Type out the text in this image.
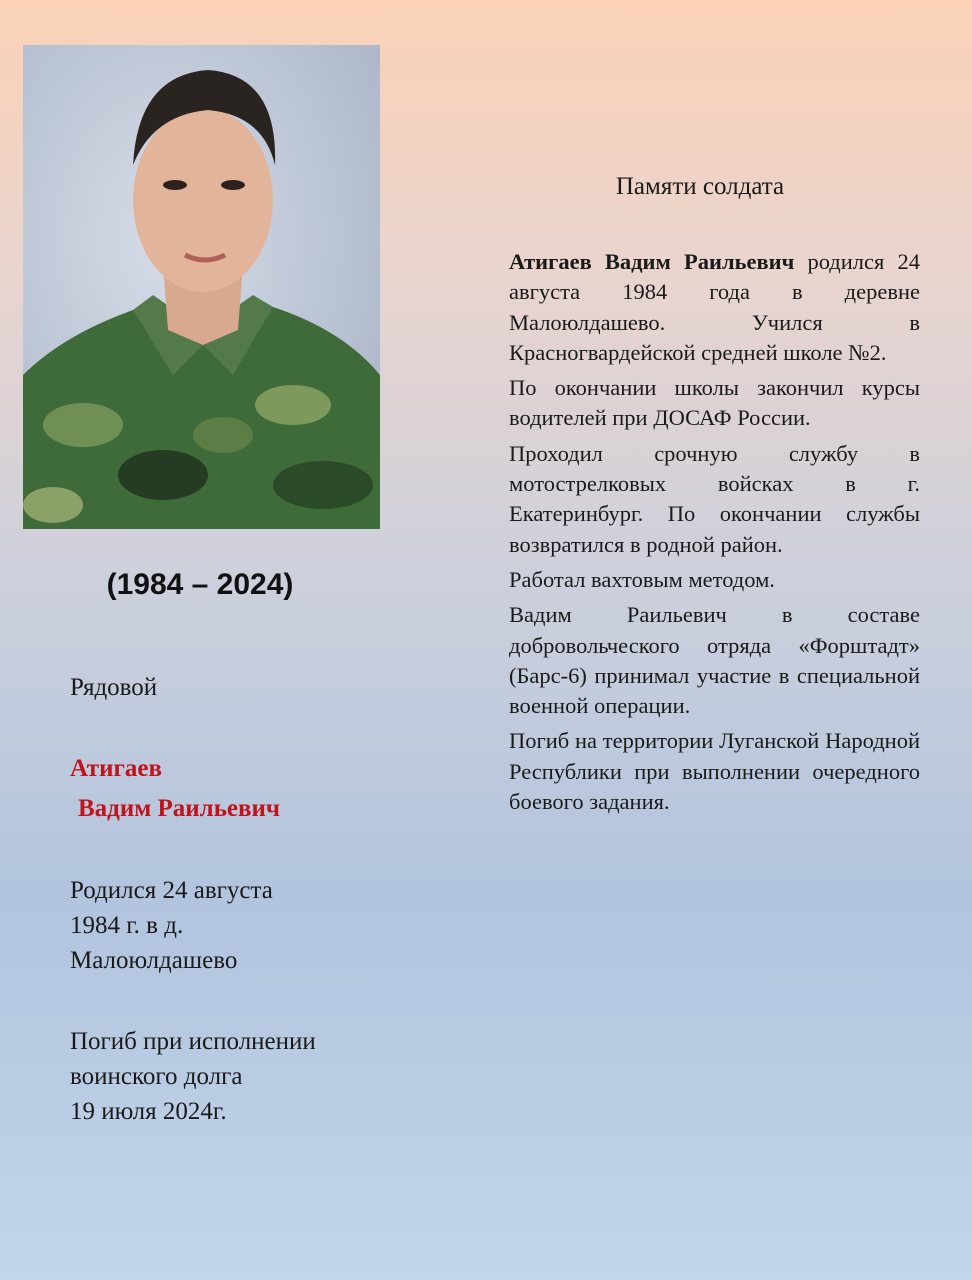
(1984 – 2024)
Рядовой
Атигаев
Вадим Раильевич
Родился 24 августа
1984 г. в д.
Малоюлдашево
Погиб при исполнении
воинского долга
19 июля 2024г.
Памяти солдата

Атигаев Вадим Раильевич родился 24 августа 1984 года в деревне Малоюлдашево. Учился в Красногвардейской средней школе №2.

По окончании школы закончил курсы водителей при ДОСАФ России.

Проходил срочную службу в мотострелковых войсках в г. Екатеринбург. По окончании службы возвратился в родной район.

Работал вахтовым методом.

Вадим Раильевич в составе добровольческого отряда «Форштадт» (Барс-6) принимал участие в специальной военной операции.

Погиб на территории Луганской Народной Республики при выполнении очередного боевого задания.
